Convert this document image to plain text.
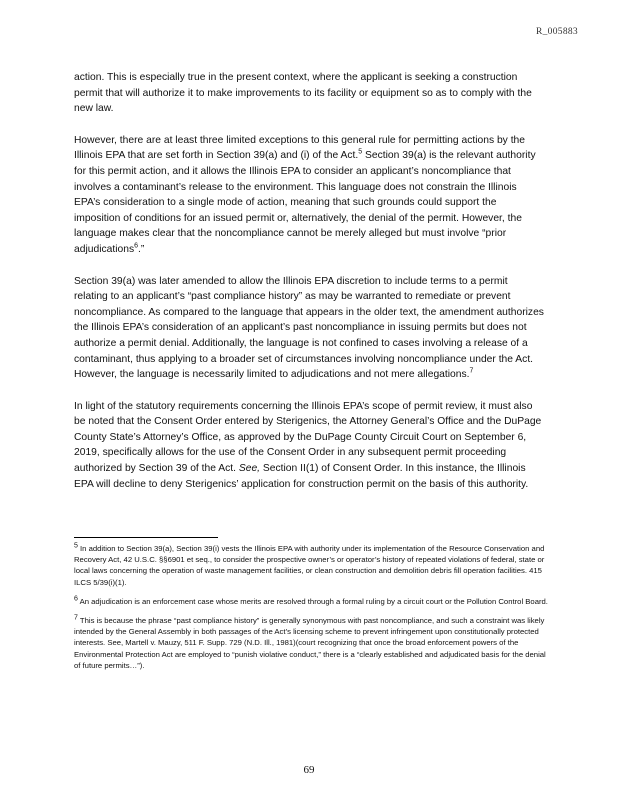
R_005883

action. This is especially true in the present context, where the applicant is seeking a construction permit that will authorize it to make improvements to its facility or equipment so as to comply with the new law.

However, there are at least three limited exceptions to this general rule for permitting actions by the Illinois EPA that are set forth in Section 39(a) and (i) of the Act.$^5$ Section 39(a) is the relevant authority for this permit action, and it allows the Illinois EPA to consider an applicant’s noncompliance that involves a contaminant’s release to the environment. This language does not constrain the Illinois EPA’s consideration to a single mode of action, meaning that such grounds could support the imposition of conditions for an issued permit or, alternatively, the denial of the permit. However, the language makes clear that the noncompliance cannot be merely alleged but must involve “prior adjudications$^6$.”

Section 39(a) was later amended to allow the Illinois EPA discretion to include terms to a permit relating to an applicant’s “past compliance history” as may be warranted to remediate or prevent noncompliance. As compared to the language that appears in the older text, the amendment authorizes the Illinois EPA’s consideration of an applicant’s past noncompliance in issuing permits but does not authorize a permit denial. Additionally, the language is not confined to cases involving a release of a contaminant, thus applying to a broader set of circumstances involving noncompliance under the Act. However, the language is necessarily limited to adjudications and not mere allegations.$^7$

In light of the statutory requirements concerning the Illinois EPA’s scope of permit review, it must also be noted that the Consent Order entered by Sterigenics, the Attorney General’s Office and the DuPage County State’s Attorney’s Office, as approved by the DuPage County Circuit Court on September 6, 2019, specifically allows for the use of the Consent Order in any subsequent permit proceeding authorized by Section 39 of the Act. See, Section II(1) of Consent Order. In this instance, the Illinois EPA will decline to deny Sterigenics’ application for construction permit on the basis of this authority.

$^5$ In addition to Section 39(a), Section 39(i) vests the Illinois EPA with authority under its implementation of the Resource Conservation and Recovery Act, 42 U.S.C. §§6901 et seq., to consider the prospective owner’s or operator’s history of repeated violations of federal, state or local laws concerning the operation of waste management facilities, or clean construction and demolition debris fill operation facilities. 415 ILCS 5/39(i)(1).

$^6$ An adjudication is an enforcement case whose merits are resolved through a formal ruling by a circuit court or the Pollution Control Board.

$^7$ This is because the phrase “past compliance history” is generally synonymous with past noncompliance, and such a constraint was likely intended by the General Assembly in both passages of the Act’s licensing scheme to prevent infringement upon constitutionally protected interests. See, Martell v. Mauzy, 511 F. Supp. 729 (N.D. Ill., 1981)(court recognizing that once the broad enforcement powers of the Environmental Protection Act are employed to “punish violative conduct,” there is a “clearly established and adjudicated basis for the denial of future permits…”).

69
